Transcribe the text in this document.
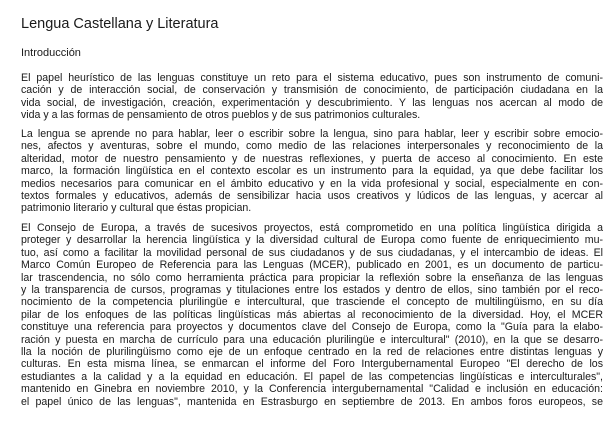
Lengua Castellana y Literatura
Introducción
El papel heurístico de las lenguas constituye un reto para el sistema educativo, pues son instrumento de comuni-
cación y de interacción social, de conservación y transmisión de conocimiento, de participación ciudadana en la
vida social, de investigación, creación, experimentación y descubrimiento. Y las lenguas nos acercan al modo de
vida y a las formas de pensamiento de otros pueblos y de sus patrimonios culturales.
La lengua se aprende no para hablar, leer o escribir sobre la lengua, sino para hablar, leer y escribir sobre emocio-
nes, afectos y aventuras, sobre el mundo, como medio de las relaciones interpersonales y reconocimiento de la
alteridad, motor de nuestro pensamiento y de nuestras reflexiones, y puerta de acceso al conocimiento. En este
marco, la formación lingüística en el contexto escolar es un instrumento para la equidad, ya que debe facilitar los
medios necesarios para comunicar en el ámbito educativo y en la vida profesional y social, especialmente en con-
textos formales y educativos, además de sensibilizar hacia usos creativos y lúdicos de las lenguas, y acercar al
patrimonio literario y cultural que éstas propician.
El Consejo de Europa, a través de sucesivos proyectos, está comprometido en una política lingüística dirigida a
proteger y desarrollar la herencia lingüística y la diversidad cultural de Europa como fuente de enriquecimiento mu-
tuo, así como a facilitar la movilidad personal de sus ciudadanos y de sus ciudadanas, y el intercambio de ideas. El
Marco Común Europeo de Referencia para las Lenguas (MCER), publicado en 2001, es un documento de particu-
lar trascendencia, no sólo como herramienta práctica para propiciar la reflexión sobre la enseñanza de las lenguas
y la transparencia de cursos, programas y titulaciones entre los estados y dentro de ellos, sino también por el reco-
nocimiento de la competencia plurilingüe e intercultural, que trasciende el concepto de multilingüismo, en su día
pilar de los enfoques de las políticas lingüísticas más abiertas al reconocimiento de la diversidad. Hoy, el MCER
constituye una referencia para proyectos y documentos clave del Consejo de Europa, como la "Guía para la elabo-
ración y puesta en marcha de currículo para una educación plurilingüe e intercultural" (2010), en la que se desarro-
lla la noción de plurilingüismo como eje de un enfoque centrado en la red de relaciones entre distintas lenguas y
culturas. En esta misma línea, se enmarcan el informe del Foro Intergubernamental Europeo "El derecho de los
estudiantes a la calidad y a la equidad en educación. El papel de las competencias lingüísticas e interculturales",
mantenido en Ginebra en noviembre 2010, y la Conferencia intergubernamental "Calidad e inclusión en educación:
el papel único de las lenguas", mantenida en Estrasburgo en septiembre de 2013. En ambos foros europeos, se
